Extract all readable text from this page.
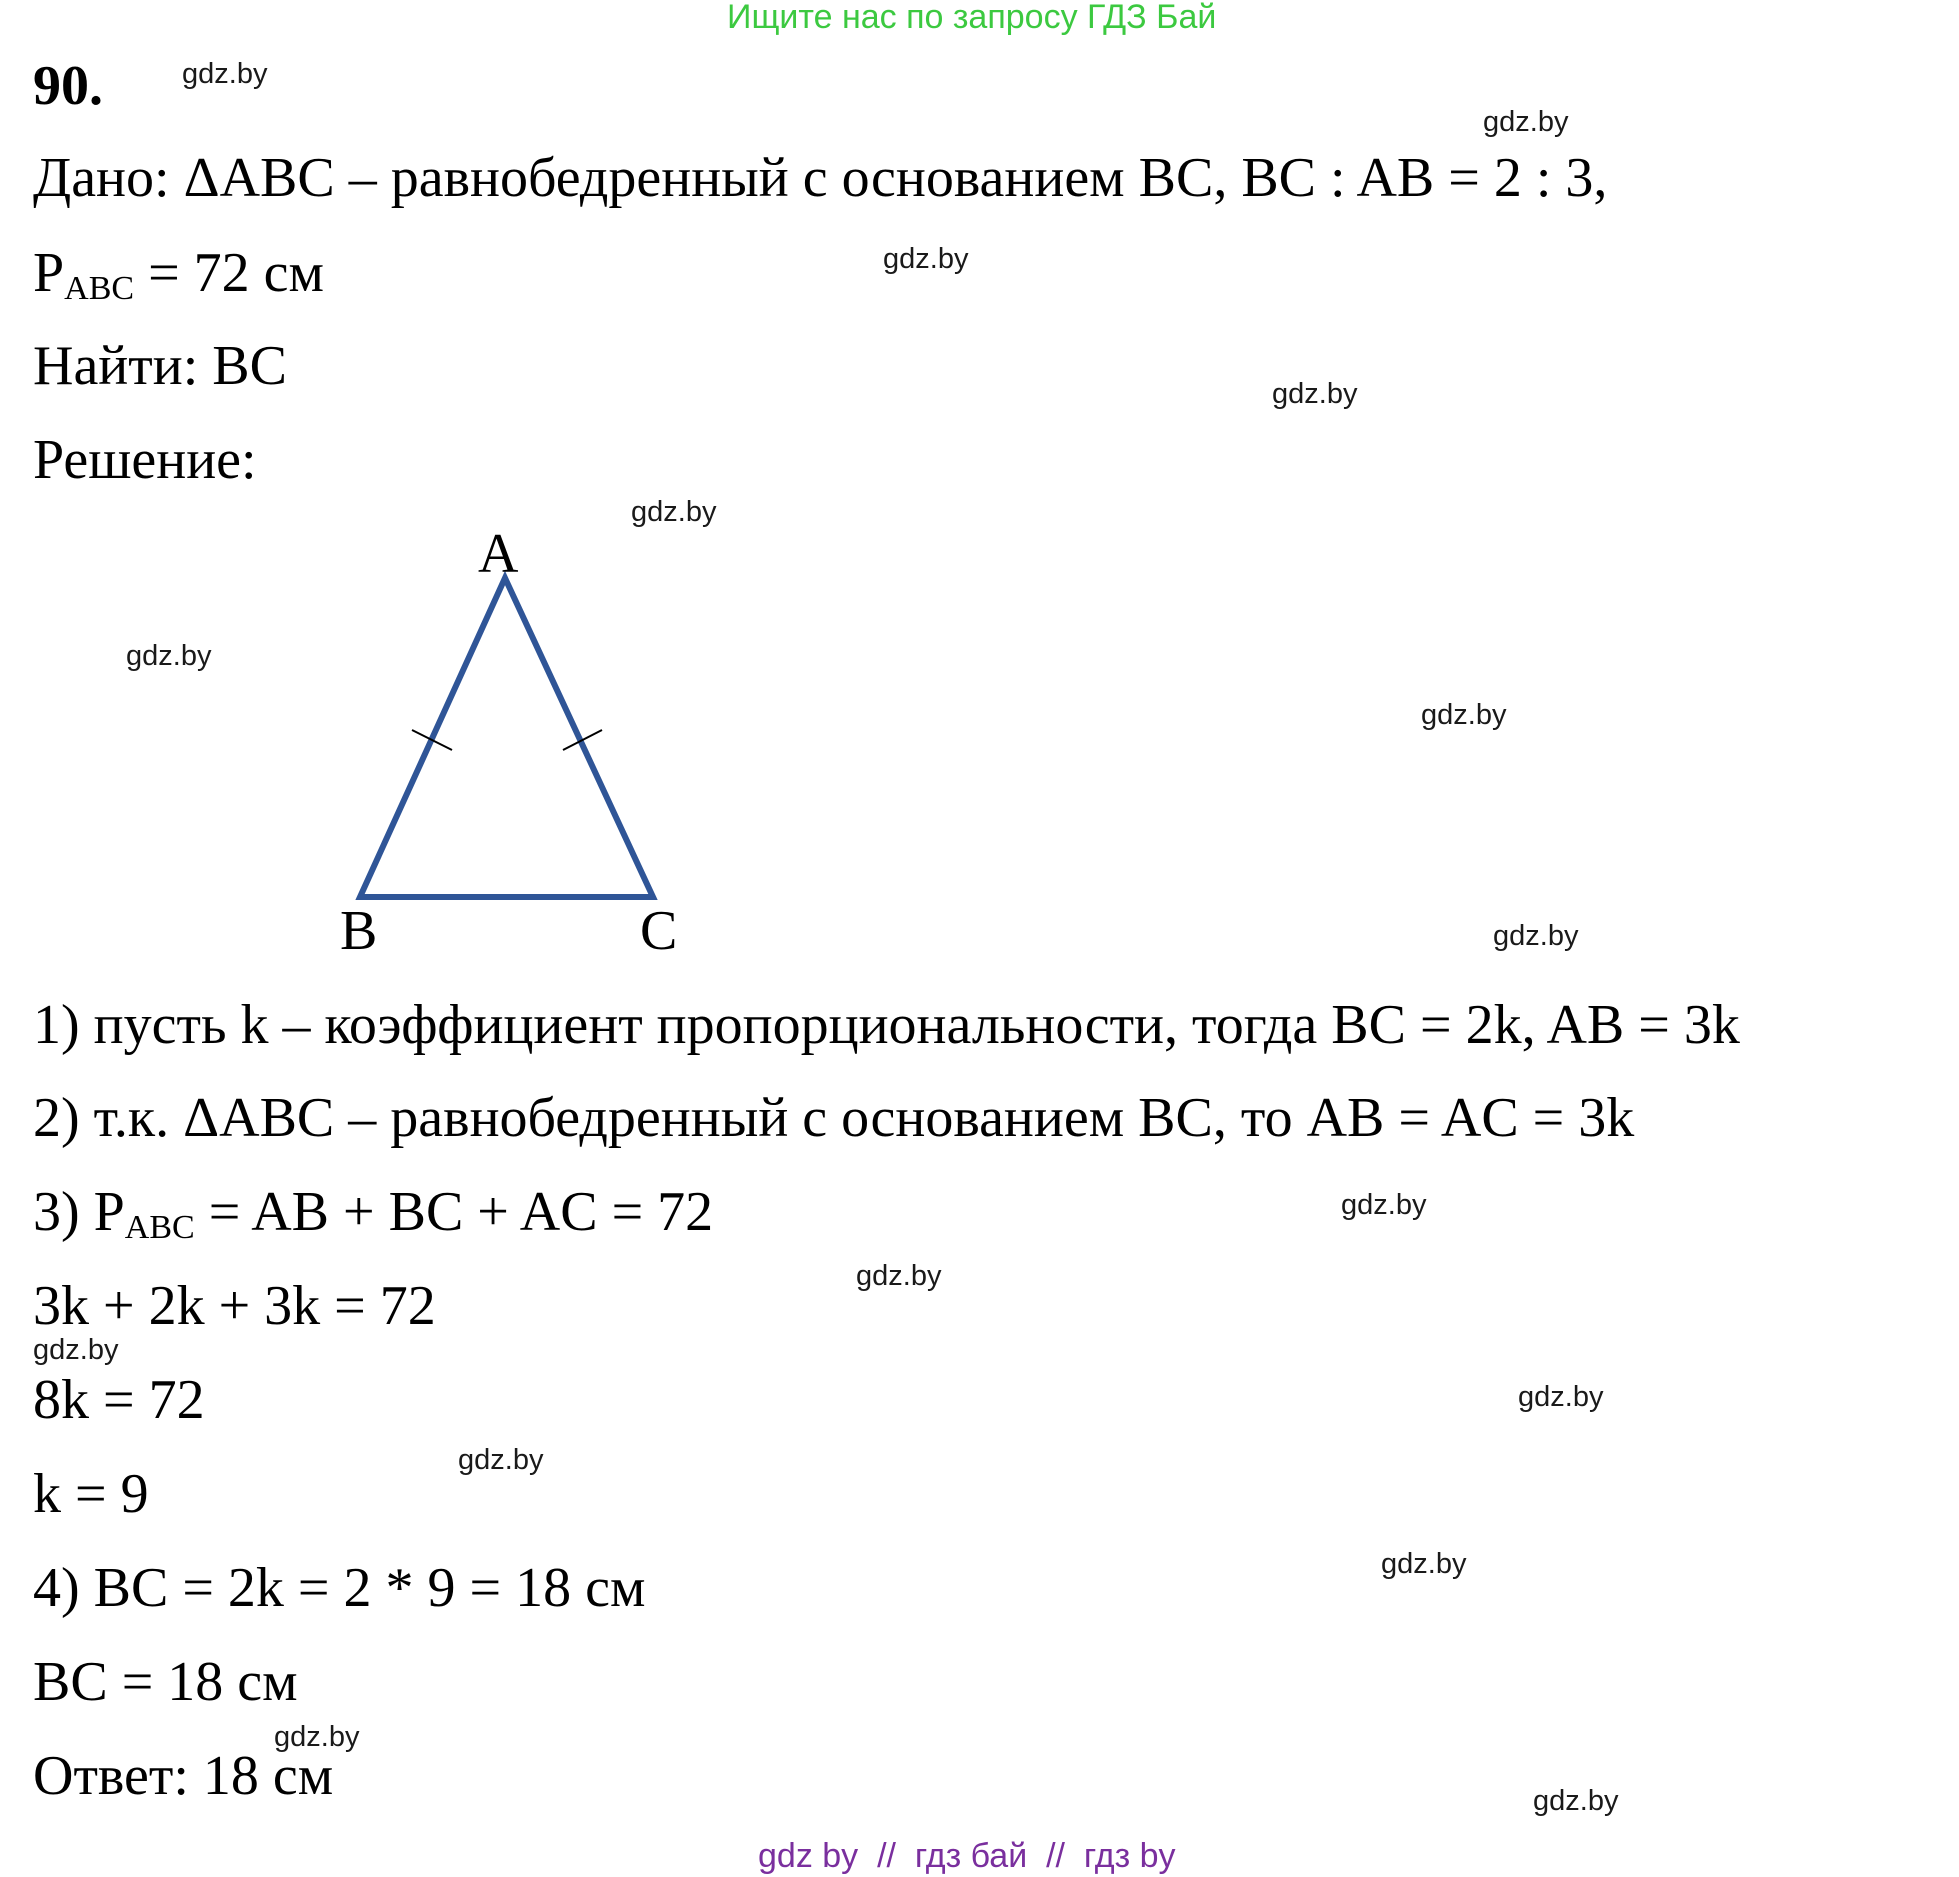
Ищите нас по запросу ГДЗ Бай
90.
Дано: ΔABC – равнобедренный с основанием BC, BC : AB = 2 : 3,
$P_{ABC} = 72$ см
Найти: BC
Решение:
A
B	C
1) пусть k – коэффициент пропорциональности, тогда BC = 2k, AB = 3k
2) т.к. ΔABC – равнобедренный с основанием BC, то AB = AC = 3k
3) $P_{ABC}$ = AB + BC + AC = 72
3k + 2k + 3k = 72
8k = 72
k = 9
4) BC = 2k = 2 * 9 = 18 см
BC = 18 см
Ответ: 18 см
gdz.by
gdz.by
gdz.by
gdz.by
gdz.by
gdz.by
gdz.by
gdz.by
gdz.by
gdz.by
gdz.by
gdz.by
gdz.by
gdz.by
gdz.by
gdz.by
gdz by  //  гдз бай  //  гдз by
